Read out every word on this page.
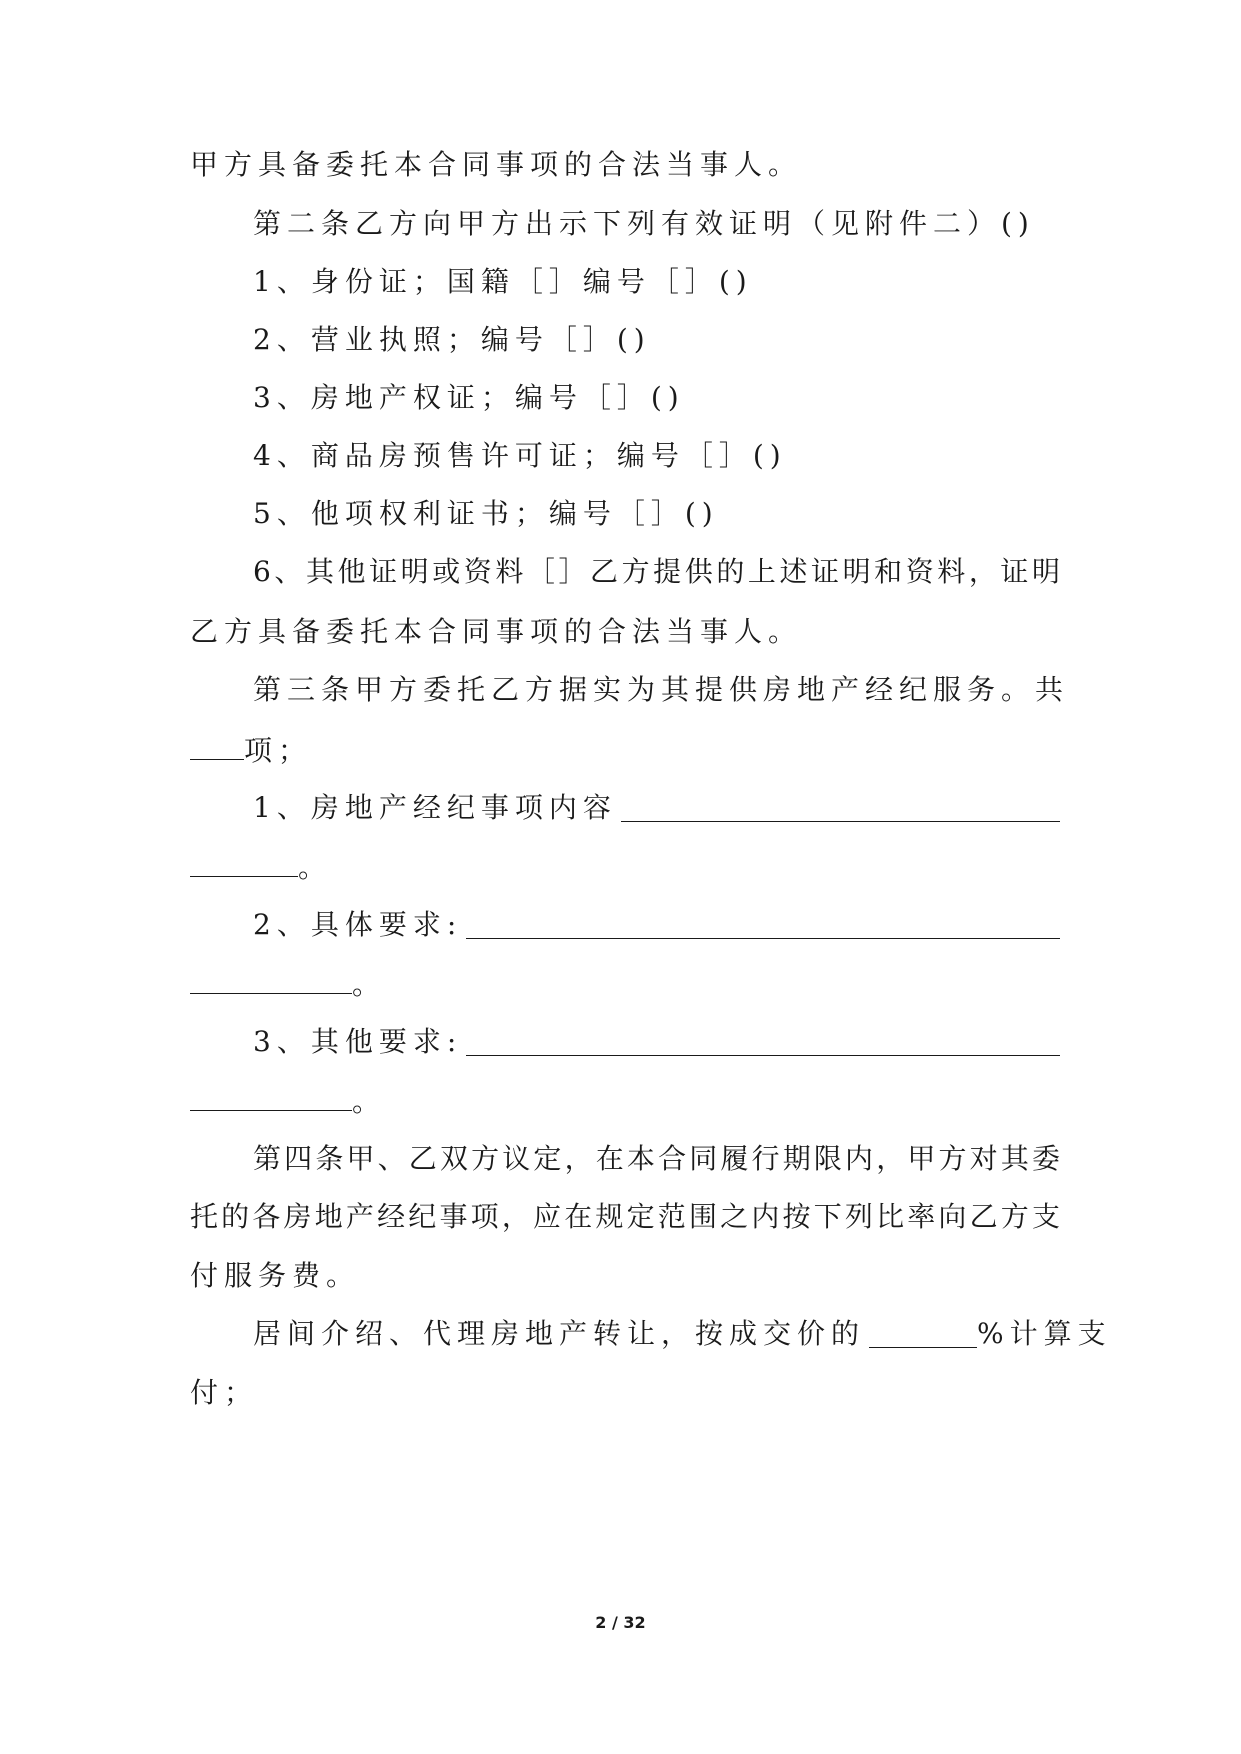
甲方具备委托本合同事项的合法当事人。
第二条乙方向甲方出示下列有效证明（见附件二）()
1、身份证；国籍［］编号［］()
2、营业执照；编号［］()
3、房地产权证；编号［］()
4、商品房预售许可证；编号［］()
5、他项权利证书；编号［］()
6、其他证明或资料［］乙方提供的上述证明和资料，证明
乙方具备委托本合同事项的合法当事人。
第三条甲方委托乙方据实为其提供房地产经纪服务。共
项；
1、房地产经纪事项内容
。
2、具体要求:
。
3、其他要求:
。
第四条甲、乙双方议定，在本合同履行期限内，甲方对其委
托的各房地产经纪事项，应在规定范围之内按下列比率向乙方支
付服务费。
居间介绍、代理房地产转让，按成交价的	%计算支
付；
2 / 32
